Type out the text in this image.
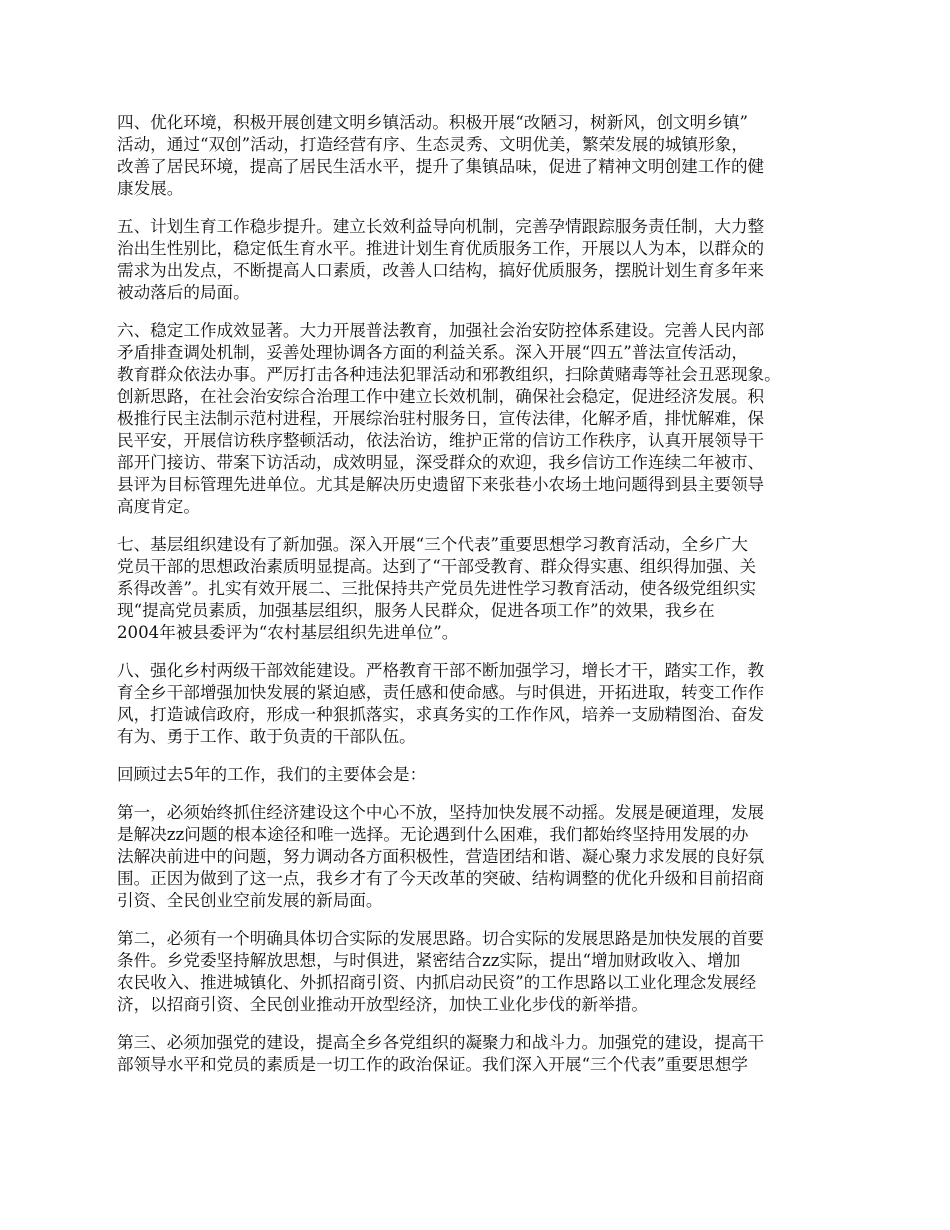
四、优化环境，积极开展创建文明乡镇活动。积极开展“改陋习，树新风，创文明乡镇”
活动，通过“双创”活动，打造经营有序、生态灵秀、文明优美，繁荣发展的城镇形象，
改善了居民环境，提高了居民生活水平，提升了集镇品味，促进了精神文明创建工作的健
康发展。

五、计划生育工作稳步提升。建立长效利益导向机制，完善孕情跟踪服务责任制，大力整
治出生性别比，稳定低生育水平。推进计划生育优质服务工作，开展以人为本，以群众的
需求为出发点，不断提高人口素质，改善人口结构，搞好优质服务，摆脱计划生育多年来
被动落后的局面。

六、稳定工作成效显著。大力开展普法教育，加强社会治安防控体系建设。完善人民内部
矛盾排查调处机制，妥善处理协调各方面的利益关系。深入开展“四五”普法宣传活动，
教育群众依法办事。严厉打击各种违法犯罪活动和邪教组织，扫除黄赌毒等社会丑恶现象。
创新思路，在社会治安综合治理工作中建立长效机制，确保社会稳定，促进经济发展。积
极推行民主法制示范村进程，开展综治驻村服务日，宣传法律，化解矛盾，排忧解难，保
民平安，开展信访秩序整顿活动，依法治访，维护正常的信访工作秩序，认真开展领导干
部开门接访、带案下访活动，成效明显，深受群众的欢迎，我乡信访工作连续二年被市、
县评为目标管理先进单位。尤其是解决历史遗留下来张巷小农场土地问题得到县主要领导
高度肯定。

七、基层组织建设有了新加强。深入开展“三个代表”重要思想学习教育活动，全乡广大
党员干部的思想政治素质明显提高。达到了“干部受教育、群众得实惠、组织得加强、关
系得改善”。扎实有效开展二、三批保持共产党员先进性学习教育活动，使各级党组织实
现“提高党员素质，加强基层组织，服务人民群众，促进各项工作”的效果，我乡在
2004年被县委评为“农村基层组织先进单位”。

八、强化乡村两级干部效能建设。严格教育干部不断加强学习，增长才干，踏实工作，教
育全乡干部增强加快发展的紧迫感，责任感和使命感。与时俱进，开拓进取，转变工作作
风，打造诚信政府，形成一种狠抓落实，求真务实的工作作风，培养一支励精图治、奋发
有为、勇于工作、敢于负责的干部队伍。

回顾过去5年的工作，我们的主要体会是：

第一，必须始终抓住经济建设这个中心不放，坚持加快发展不动摇。发展是硬道理，发展
是解决zz问题的根本途径和唯一选择。无论遇到什么困难，我们都始终坚持用发展的办
法解决前进中的问题，努力调动各方面积极性，营造团结和谐、凝心聚力求发展的良好氛
围。正因为做到了这一点，我乡才有了今天改革的突破、结构调整的优化升级和目前招商
引资、全民创业空前发展的新局面。

第二，必须有一个明确具体切合实际的发展思路。切合实际的发展思路是加快发展的首要
条件。乡党委坚持解放思想，与时俱进，紧密结合zz实际，提出“增加财政收入、增加
农民收入、推进城镇化、外抓招商引资、内抓启动民资”的工作思路以工业化理念发展经
济，以招商引资、全民创业推动开放型经济，加快工业化步伐的新举措。

第三、必须加强党的建设，提高全乡各党组织的凝聚力和战斗力。加强党的建设，提高干
部领导水平和党员的素质是一切工作的政治保证。我们深入开展“三个代表”重要思想学
